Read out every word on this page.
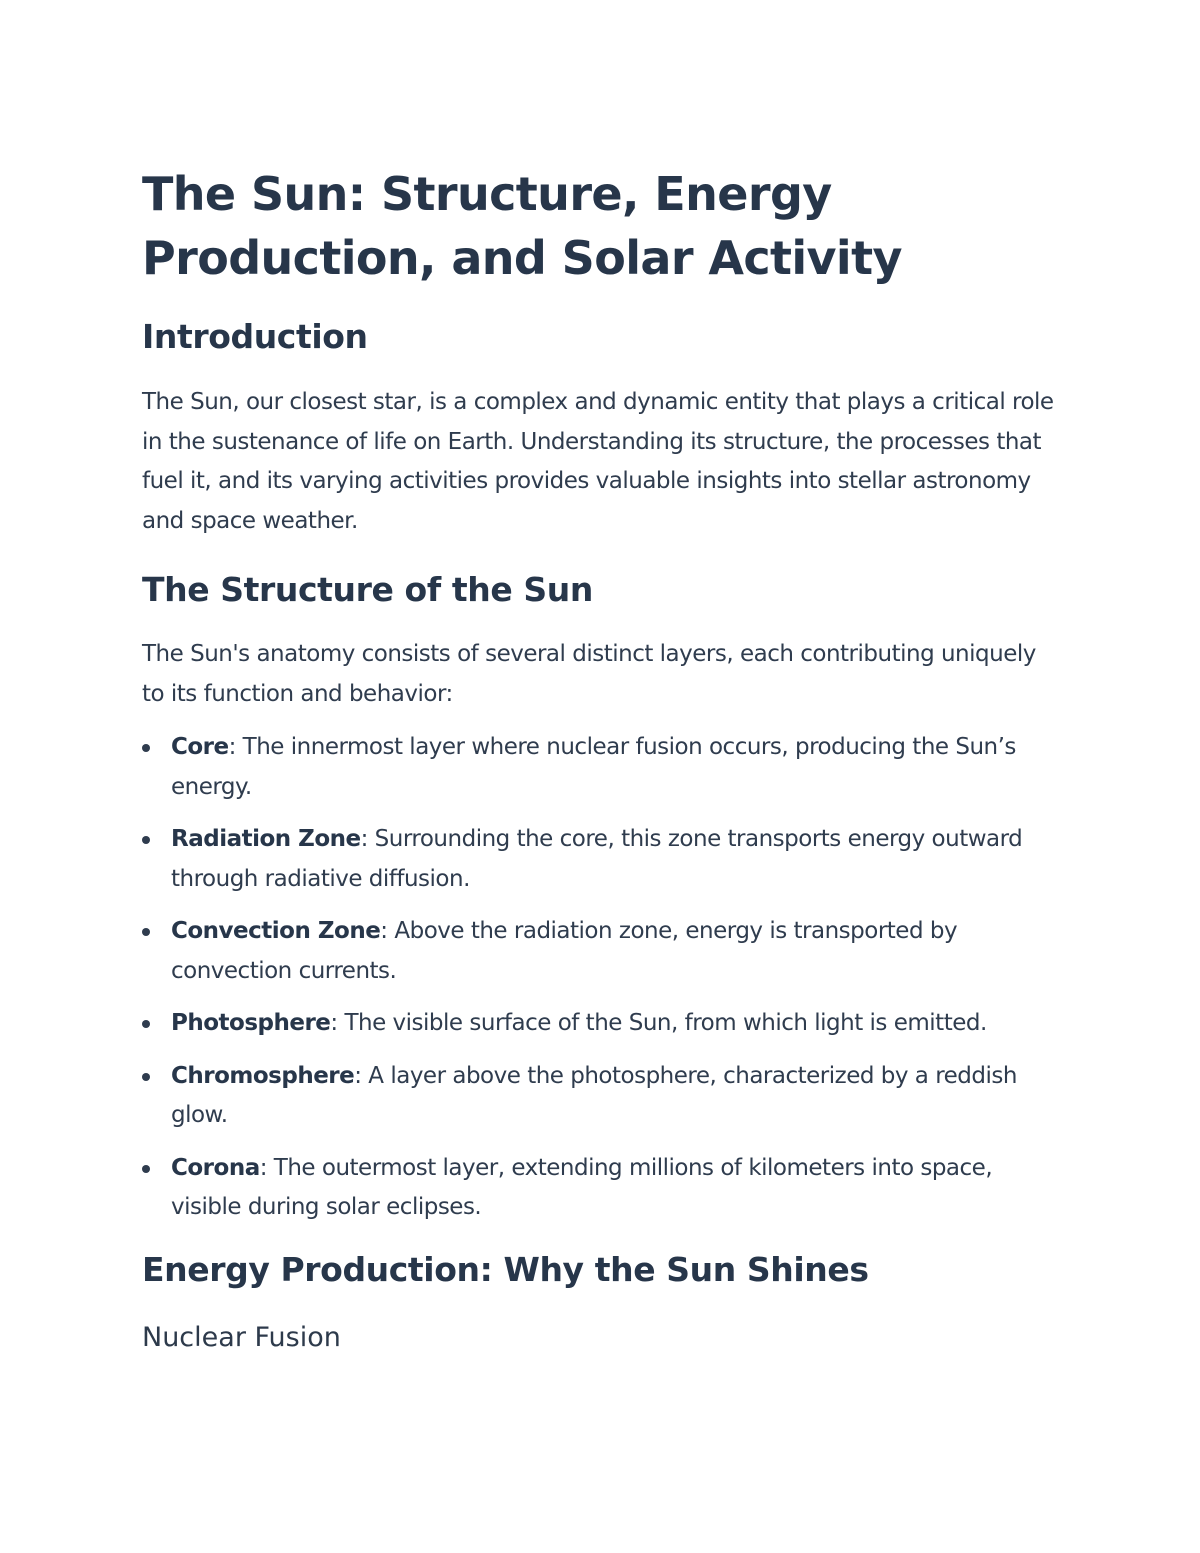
The Sun: Structure, Energy Production, and Solar Activity
Introduction

The Sun, our closest star, is a complex and dynamic entity that plays a critical role in the sustenance of life on Earth. Understanding its structure, the processes that fuel it, and its varying activities provides valuable insights into stellar astronomy and space weather.

The Structure of the Sun

The Sun's anatomy consists of several distinct layers, each contributing uniquely to its function and behavior:

Core: The innermost layer where nuclear fusion occurs, producing the Sun’s energy.
Radiation Zone: Surrounding the core, this zone transports energy outward through radiative diffusion.
Convection Zone: Above the radiation zone, energy is transported by convection currents.
Photosphere: The visible surface of the Sun, from which light is emitted.
Chromosphere: A layer above the photosphere, characterized by a reddish glow.
Corona: The outermost layer, extending millions of kilometers into space, visible during solar eclipses.
Energy Production: Why the Sun Shines
Nuclear Fusion
